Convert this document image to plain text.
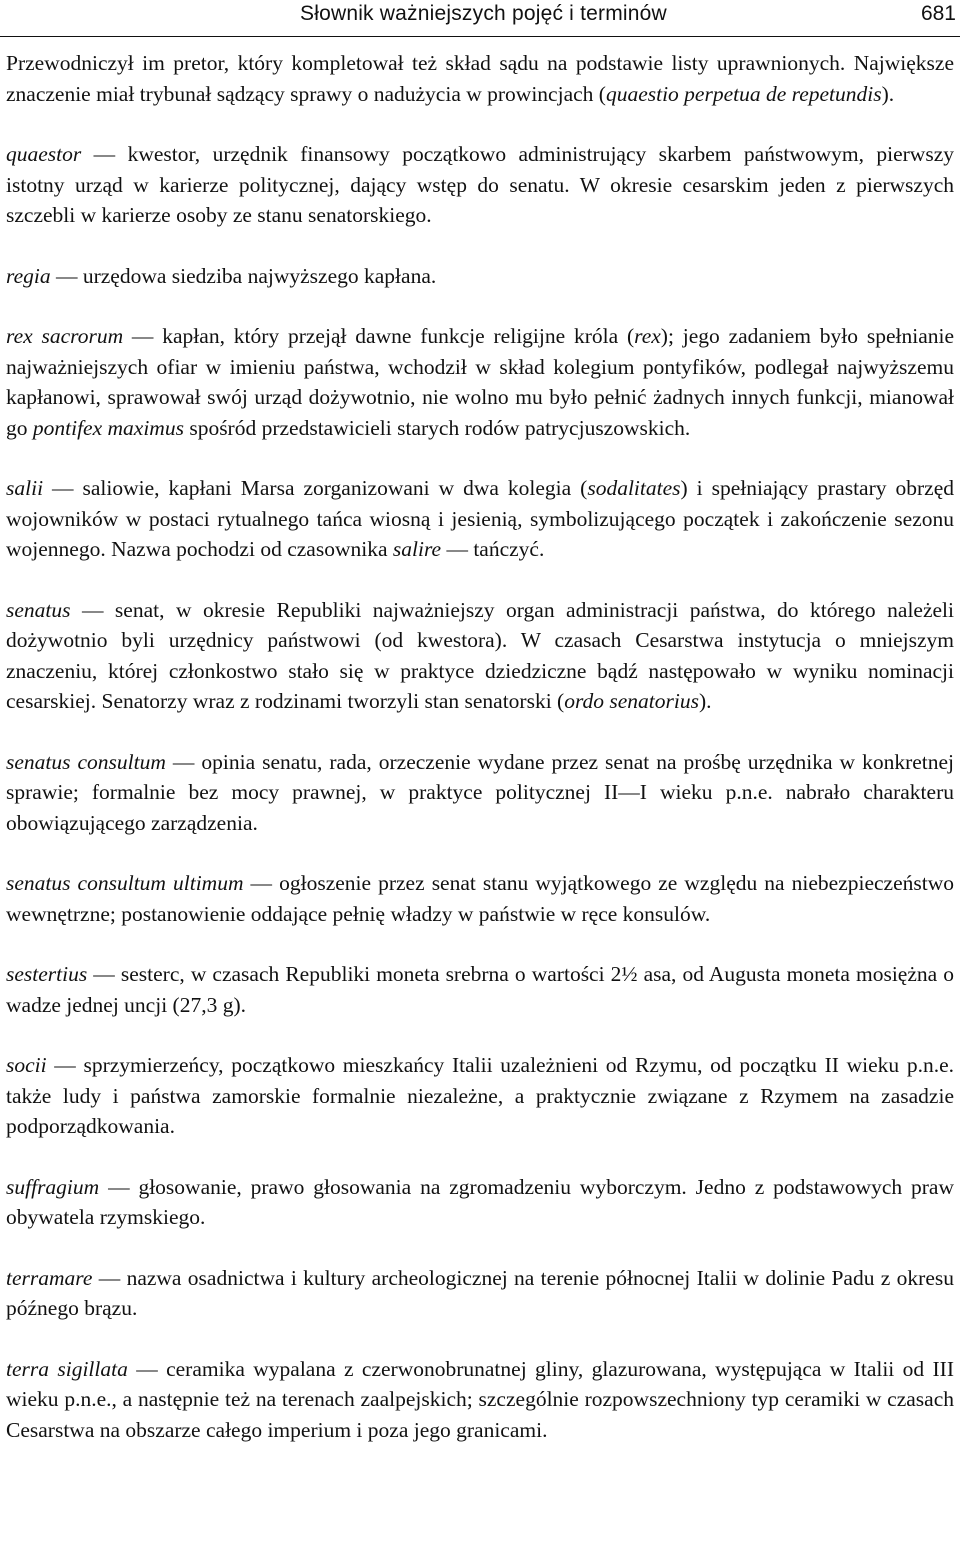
Słownik ważniejszych pojęć i terminów	681

Przewodniczył im pretor, który kompletował też skład sądu na podstawie listy uprawnionych. Największe znaczenie miał trybunał sądzący sprawy o nadużycia w prowincjach (quaestio perpetua de repetundis).

quaestor — kwestor, urzędnik finansowy początkowo administrujący skarbem państwowym, pierwszy istotny urząd w karierze politycznej, dający wstęp do senatu. W okresie cesarskim jeden z pierwszych szczebli w karierze osoby ze stanu senatorskiego.

regia — urzędowa siedziba najwyższego kapłana.

rex sacrorum — kapłan, który przejął dawne funkcje religijne króla (rex); jego zadaniem było spełnianie najważniejszych ofiar w imieniu państwa, wchodził w skład kolegium pontyfików, podlegał najwyższemu kapłanowi, sprawował swój urząd dożywotnio, nie wolno mu było pełnić żadnych innych funkcji, mianował go pontifex maximus spośród przedstawicieli starych rodów patrycjuszowskich.

salii — saliowie, kapłani Marsa zorganizowani w dwa kolegia (sodalitates) i spełniający prastary obrzęd wojowników w postaci rytualnego tańca wiosną i jesienią, symbolizującego początek i zakończenie sezonu wojennego. Nazwa pochodzi od czasownika salire — tańczyć.

senatus — senat, w okresie Republiki najważniejszy organ administracji państwa, do którego należeli dożywotnio byli urzędnicy państwowi (od kwestora). W czasach Cesarstwa instytucja o mniejszym znaczeniu, której członkostwo stało się w praktyce dziedziczne bądź następowało w wyniku nominacji cesarskiej. Senatorzy wraz z rodzinami tworzyli stan senatorski (ordo senatorius).

senatus consultum — opinia senatu, rada, orzeczenie wydane przez senat na prośbę urzędnika w konkretnej sprawie; formalnie bez mocy prawnej, w praktyce politycznej II—I wieku p.n.e. nabrało charakteru obowiązującego zarządzenia.

senatus consultum ultimum — ogłoszenie przez senat stanu wyjątkowego ze względu na niebezpieczeństwo wewnętrzne; postanowienie oddające pełnię władzy w państwie w ręce konsulów.

sestertius — sesterc, w czasach Republiki moneta srebrna o wartości 2½ asa, od Augusta moneta mosiężna o wadze jednej uncji (27,3 g).

socii — sprzymierzeńcy, początkowo mieszkańcy Italii uzależnieni od Rzymu, od początku II wieku p.n.e. także ludy i państwa zamorskie formalnie niezależne, a praktycznie związane z Rzymem na zasadzie podporządkowania.

suffragium — głosowanie, prawo głosowania na zgromadzeniu wyborczym. Jedno z podstawowych praw obywatela rzymskiego.

terramare — nazwa osadnictwa i kultury archeologicznej na terenie północnej Italii w dolinie Padu z okresu późnego brązu.

terra sigillata — ceramika wypalana z czerwonobrunatnej gliny, glazurowana, występująca w Italii od III wieku p.n.e., a następnie też na terenach zaalpejskich; szczególnie rozpowszechniony typ ceramiki w czasach Cesarstwa na obszarze całego imperium i poza jego granicami.
